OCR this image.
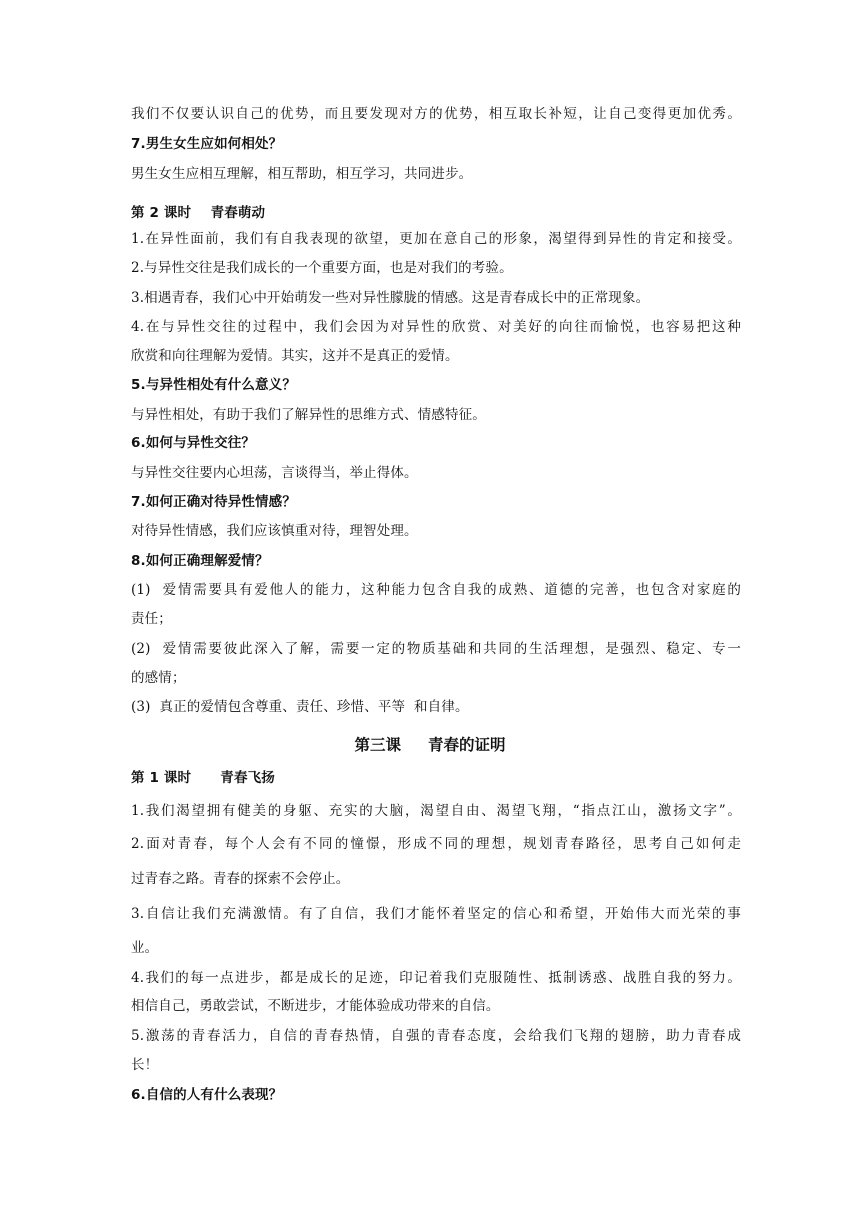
我们不仅要认识自己的优势，而且要发现对方的优势，相互取长补短，让自己变得更加优秀。
7.男生女生应如何相处？
男生女生应相互理解，相互帮助，相互学习，共同进步。
第 2 课时    青春萌动
1.在异性面前，我们有自我表现的欲望，更加在意自己的形象，渴望得到异性的肯定和接受。
2.与异性交往是我们成长的一个重要方面，也是对我们的考验。
3.相遇青春，我们心中开始萌发一些对异性朦胧的情感。这是青春成长中的正常现象。
4.在与异性交往的过程中，我们会因为对异性的欣赏、对美好的向往而愉悦，也容易把这种
欣赏和向往理解为爱情。其实，这并不是真正的爱情。
5.与异性相处有什么意义？
与异性相处，有助于我们了解异性的思维方式、情感特征。
6.如何与异性交往？
与异性交往要内心坦荡，言谈得当，举止得体。
7.如何正确对待异性情感？
对待异性情感，我们应该慎重对待，理智处理。
8.如何正确理解爱情？
(1)  爱情需要具有爱他人的能力，这种能力包含自我的成熟、道德的完善，也包含对家庭的
责任；
(2)  爱情需要彼此深入了解，需要一定的物质基础和共同的生活理想，是强烈、稳定、专一
的感情；
(3)  真正的爱情包含尊重、责任、珍惜、平等  和自律。
第三课     青春的证明
第 1 课时      青春飞扬
1.我们渴望拥有健美的身躯、充实的大脑，渴望自由、渴望飞翔，“指点江山，激扬文字”。
2.面对青春，每个人会有不同的憧憬，形成不同的理想，规划青春路径，思考自己如何走
过青春之路。青春的探索不会停止。
3.自信让我们充满激情。有了自信，我们才能怀着坚定的信心和希望，开始伟大而光荣的事
业。
4.我们的每一点进步，都是成长的足迹，印记着我们克服随性、抵制诱惑、战胜自我的努力。
相信自己，勇敢尝试，不断进步，才能体验成功带来的自信。
5.激荡的青春活力，自信的青春热情，自强的青春态度，会给我们飞翔的翅膀，助力青春成
长！
6.自信的人有什么表现？
